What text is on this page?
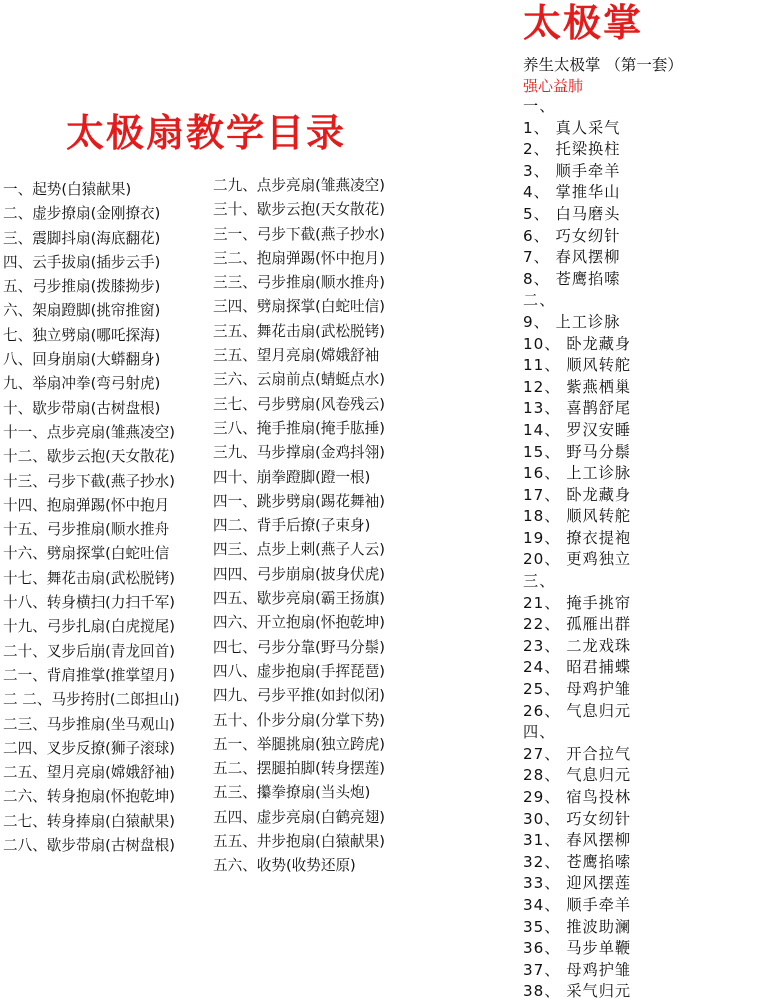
太极扇教学目录
太极掌
一、起势(白猿献果)
二、虚步撩扇(金刚撩衣)
三、震脚抖扇(海底翻花)
四、云手拔扇(插步云手)
五、弓步推扇(拨膝拗步)
六、架扇蹬脚(挑帘推窗)
七、独立劈扇(哪吒探海)
八、回身崩扇(大蟒翻身)
九、举扇冲拳(弯弓射虎)
十、歇步带扇(古树盘根)
十一、点步亮扇(雏燕凌空)
十二、歇步云抱(天女散花)
十三、弓步下截(燕子抄水)
十四、抱扇弹踢(怀中抱月
十五、弓步推扇(顺水推舟
十六、劈扇探掌(白蛇吐信
十七、舞花击扇(武松脱铐)
十八、转身横扫(力扫千军)
十九、弓步扎扇(白虎搅尾)
二十、叉步后崩(青龙回首)
二一、背肩推掌(推掌望月)
二 二、马步挎肘(二郎担山)
二三、马步推扇(坐马观山)
二四、叉步反撩(狮子滚球)
二五、望月亮扇(嫦娥舒袖)
二六、转身抱扇(怀抱乾坤)
二七、转身捧扇(白猿献果)
二八、歇步带扇(古树盘根)
二九、点步亮扇(雏燕凌空)
三十、歇步云抱(天女散花)
三一、弓步下截(燕子抄水)
三二、抱扇弹踢(怀中抱月)
三三、弓步推扇(顺水推舟)
三四、劈扇探掌(白蛇吐信)
三五、舞花击扇(武松脱铐)
三五、望月亮扇(嫦娥舒袖
三六、云扇前点(蜻蜓点水)
三七、弓步劈扇(风卷残云)
三八、掩手推扇(掩手肱捶)
三九、马步撑扇(金鸡抖翎)
四十、崩拳蹬脚(蹬一根)
四一、跳步劈扇(踢花舞袖)
四二、背手后撩(子束身)
四三、点步上刺(燕子人云)
四四、弓步崩扇(披身伏虎)
四五、歇步亮扇(霸王扬旗)
四六、开立抱扇(怀抱乾坤)
四七、弓步分靠(野马分鬃)
四八、虚步抱扇(手挥琵琶)
四九、弓步平推(如封似闭)
五十、仆步分扇(分掌下势)
五一、举腿挑扇(独立跨虎)
五二、摆腿拍脚(转身摆莲)
五三、攥拳撩扇(当头炮)
五四、虚步亮扇(白鹤亮翅)
五五、井步抱扇(白猿献果)
五六、收势(收势还原)
养生太极掌 （第一套）
强心益肺
一、
1、 真人采气
2、 托梁换柱
3、 顺手牵羊
4、 掌推华山
5、 白马磨头
6、 巧女纫针
7、 春风摆柳
8、 苍鹰掐嗦
二、
9、 上工诊脉
10、 卧龙藏身
11、 顺风转舵
12、 紫燕栖巢
13、 喜鹊舒尾
14、 罗汉安睡
15、 野马分鬃
16、 上工诊脉
17、 卧龙藏身
18、 顺风转舵
19、 撩衣提袍
20、 更鸡独立
三、
21、 掩手挑帘
22、 孤雁出群
23、 二龙戏珠
24、 昭君捕蝶
25、 母鸡护雏
26、 气息归元
四、
27、 开合拉气
28、 气息归元
29、 宿鸟投林
30、 巧女纫针
31、 春风摆柳
32、 苍鹰掐嗦
33、 迎风摆莲
34、 顺手牵羊
35、 推波助澜
36、 马步单鞭
37、 母鸡护雏
38、 采气归元
